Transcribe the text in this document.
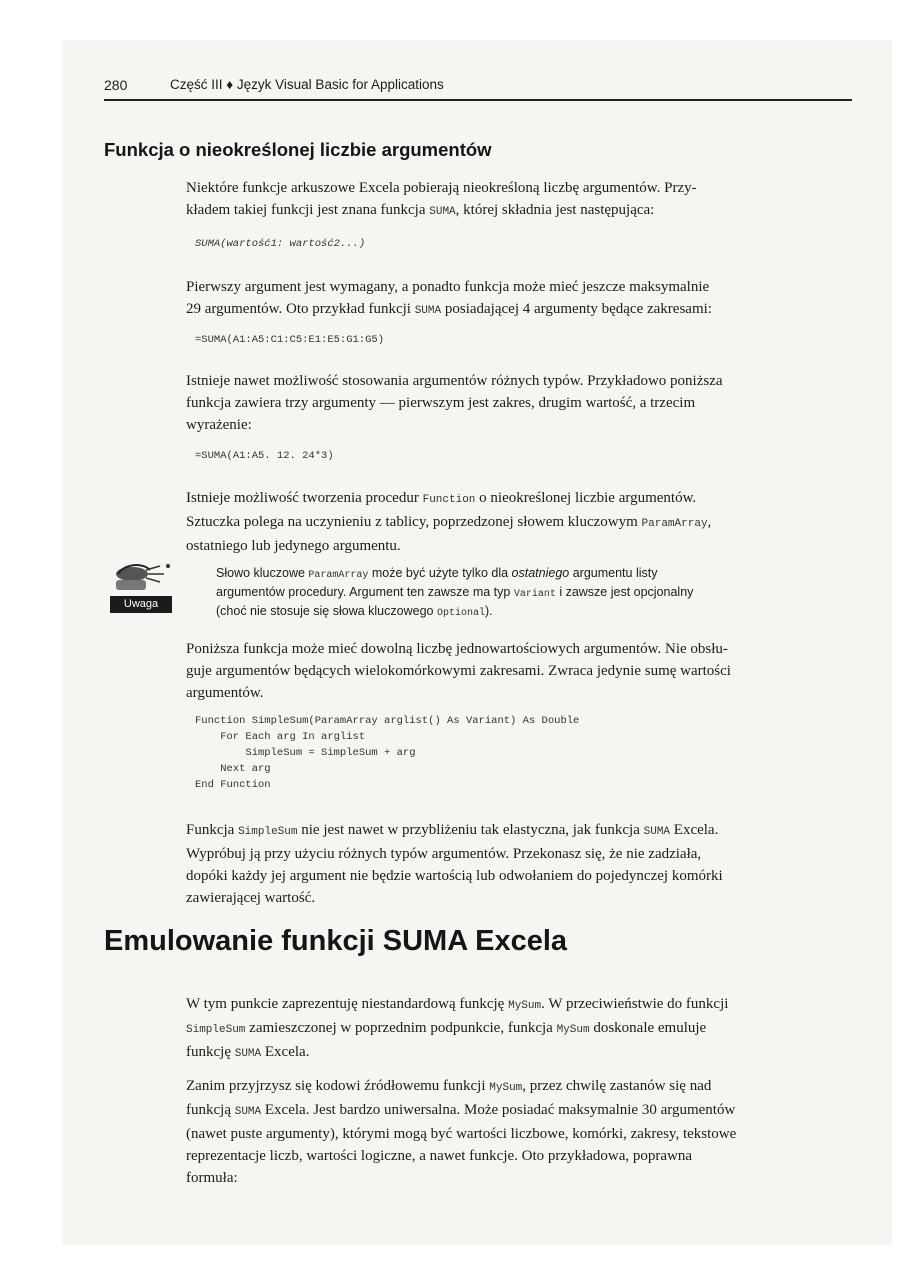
280	Część III ♦ Język Visual Basic for Applications
Funkcja o nieokreślonej liczbie argumentów
Niektóre funkcje arkuszowe Excela pobierają nieokreśloną liczbę argumentów. Przy-
kładem takiej funkcji jest znana funkcja SUMA, której składnia jest następująca:
SUMA(wartość1: wartość2...)
Pierwszy argument jest wymagany, a ponadto funkcja może mieć jeszcze maksymalnie
29 argumentów. Oto przykład funkcji SUMA posiadającej 4 argumenty będące zakresami:
=SUMA(A1:A5:C1:C5:E1:E5:G1:G5)
Istnieje nawet możliwość stosowania argumentów różnych typów. Przykładowo poniższa
funkcja zawiera trzy argumenty — pierwszym jest zakres, drugim wartość, a trzecim
wyrażenie:
=SUMA(A1:A5. 12. 24*3)
Istnieje możliwość tworzenia procedur Function o nieokreślonej liczbie argumentów.
Sztuczka polega na uczynieniu z tablicy, poprzedzonej słowem kluczowym ParamArray,
ostatniego lub jedynego argumentu.
Uwaga
Słowo kluczowe ParamArray może być użyte tylko dla ostatniego argumentu listy
argumentów procedury. Argument ten zawsze ma typ Variant i zawsze jest opcjonalny
(choć nie stosuje się słowa kluczowego Optional).
Poniższa funkcja może mieć dowolną liczbę jednowartościowych argumentów. Nie obsłu-
guje argumentów będących wielokomórkowymi zakresami. Zwraca jedynie sumę wartości
argumentów.
Function SimpleSum(ParamArray arglist() As Variant) As Double
For Each arg In arglist
SimpleSum = SimpleSum + arg
Next arg
End Function
Funkcja SimpleSum nie jest nawet w przybliżeniu tak elastyczna, jak funkcja SUMA Excela.
Wypróbuj ją przy użyciu różnych typów argumentów. Przekonasz się, że nie zadziała,
dopóki każdy jej argument nie będzie wartością lub odwołaniem do pojedynczej komórki
zawierającej wartość.
Emulowanie funkcji SUMA Excela
W tym punkcie zaprezentuję niestandardową funkcję MySum. W przeciwieństwie do funkcji
SimpleSum zamieszczonej w poprzednim podpunkcie, funkcja MySum doskonale emuluje
funkcję SUMA Excela.
Zanim przyjrzysz się kodowi źródłowemu funkcji MySum, przez chwilę zastanów się nad
funkcją SUMA Excela. Jest bardzo uniwersalna. Może posiadać maksymalnie 30 argumentów
(nawet puste argumenty), którymi mogą być wartości liczbowe, komórki, zakresy, tekstowe
reprezentacje liczb, wartości logiczne, a nawet funkcje. Oto przykładowa, poprawna
formuła:
